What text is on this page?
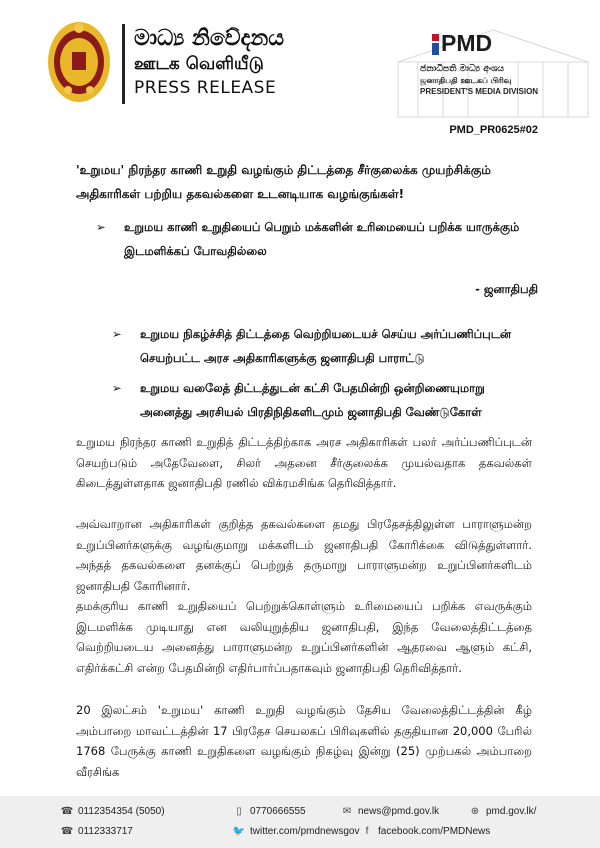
මාධ්‍ය නිවේදනය
ஊடக வெளியீடு
PRESS RELEASE
PMD
ජනාධිපති මාධ්‍ය අංශය
ஜனாதிபதி ஊடகப் பிரிவு
PRESIDENT'S MEDIA DIVISION
PMD_PR0625#02
'உறுமய' நிரந்தர காணி உறுதி வழங்கும் திட்டத்தை சீர்குலைக்க முயற்சிக்கும் அதிகாரிகள் பற்றிய தகவல்களை உடனடியாக வழங்குங்கள்!
➢	உறுமய காணி உறுதியைப் பெறும் மக்களின் உரிமையைப் பறிக்க யாருக்கும் இடமளிக்கப் போவதில்லை
- ஜனாதிபதி
➢	உறுமய நிகழ்ச்சித் திட்டத்தை வெற்றியடையச் செய்ய அர்ப்பணிப்புடன் செயற்பட்ட அரச அதிகாரிகளுக்கு ஜனாதிபதி பாராட்டு
➢	உறுமய வலேைத் திட்டத்துடன் கட்சி பேதமின்றி ஒன்றிணையுமாறு அனைத்து அரசியல் பிரதிநிதிகளிடமும் ஜனாதிபதி வேண்டுகோள்
உறுமய நிரந்தர காணி உறுதித் திட்டத்திற்காக அரச அதிகாரிகள் பலர் அர்ப்பணிப்புடன் செயற்படும் அதேவேளை, சிலர் அதனை சீர்குலைக்க முயல்வதாக தகவல்கள் கிடைத்துள்ளதாக ஜனாதிபதி ரணில் விக்ரமசிங்க தெரிவித்தார்.
அவ்வாறான அதிகாரிகள் குறித்த தகவல்களை தமது பிரதேசத்திலுள்ள பாராளுமன்ற உறுப்பினர்களுக்கு வழங்குமாறு மக்களிடம் ஜனாதிபதி கோரிக்கை விடுத்துள்ளார். அந்தத் தகவல்களை தனக்குப் பெற்றுத் தருமாறு பாராளுமன்ற உறுப்பினர்களிடம் ஜனாதிபதி கோரினார்.
தமக்குரிய காணி உறுதியைப் பெற்றுக்கொள்ளும் உரிமையைப் பறிக்க எவருக்கும் இடமளிக்க முடியாது என வலியுறுத்திய ஜனாதிபதி, இந்த வேலைத்திட்டத்தை வெற்றியடைய அனைத்து பாராளுமன்ற உறுப்பினர்களின் ஆதரவை ஆளும் கட்சி, எதிர்க்கட்சி என்ற பேதமின்றி எதிர்பார்ப்பதாகவும் ஜனாதிபதி தெரிவித்தார்.
20 இலட்சம் 'உறுமய' காணி உறுதி வழங்கும் தேசிய வேலைத்திட்டத்தின் கீழ் அம்பாறை மாவட்டத்தின் 17 பிரதேச செயலகப் பிரிவுகளில் தகுதியான 20,000 பேரில் 1768 பேருக்கு காணி உறுதிகளை வழங்கும் நிகழ்வு இன்று (25) முற்பகல் அம்பாறை வீரசிங்க
☎ 0112354354 (5050)
☎ 0112333717
▯ 0770666555
🐦 twitter.com/pmdnewsgov
✉ news@pmd.gov.lk
f facebook.com/PMDNews
⊕ pmd.gov.lk/
